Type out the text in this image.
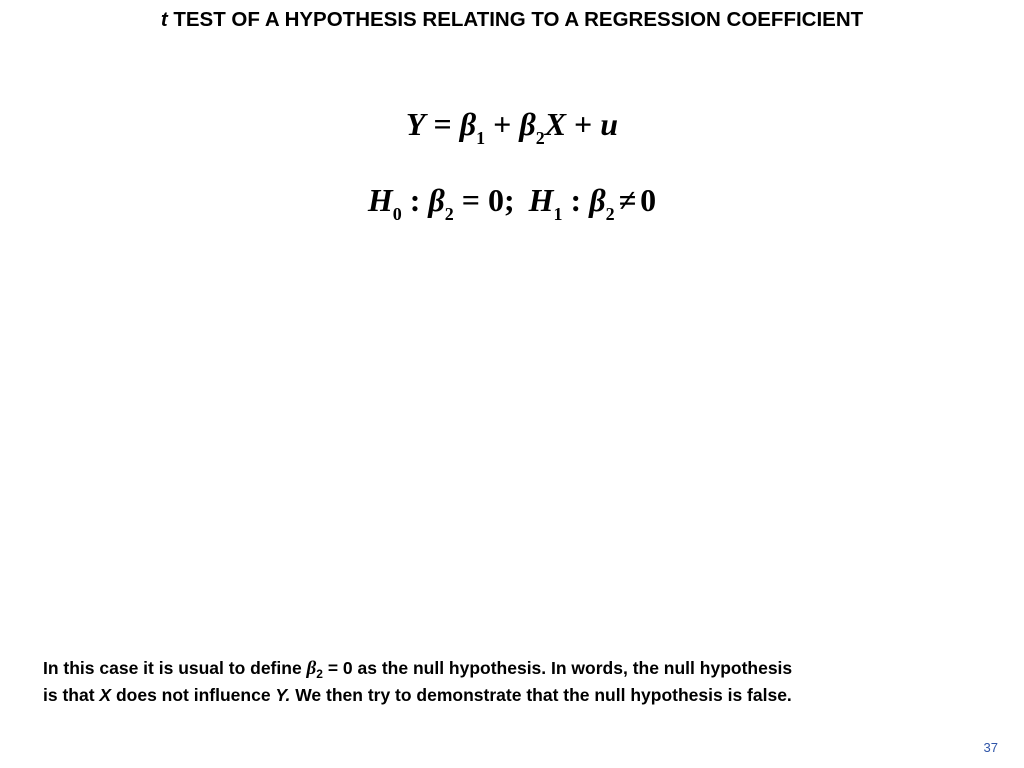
t TEST OF A HYPOTHESIS RELATING TO A REGRESSION COEFFICIENT
$Y = \beta_1 + \beta_2X + u$
$H_0$ : $\beta_2 = 0$; $H_1$ : $\beta_2 \ne 0$
In this case it is usual to define $\beta_2 = 0$ as the null hypothesis. In words, the null hypothesis
is that X does not influence Y. We then try to demonstrate that the null hypothesis is false.
37
